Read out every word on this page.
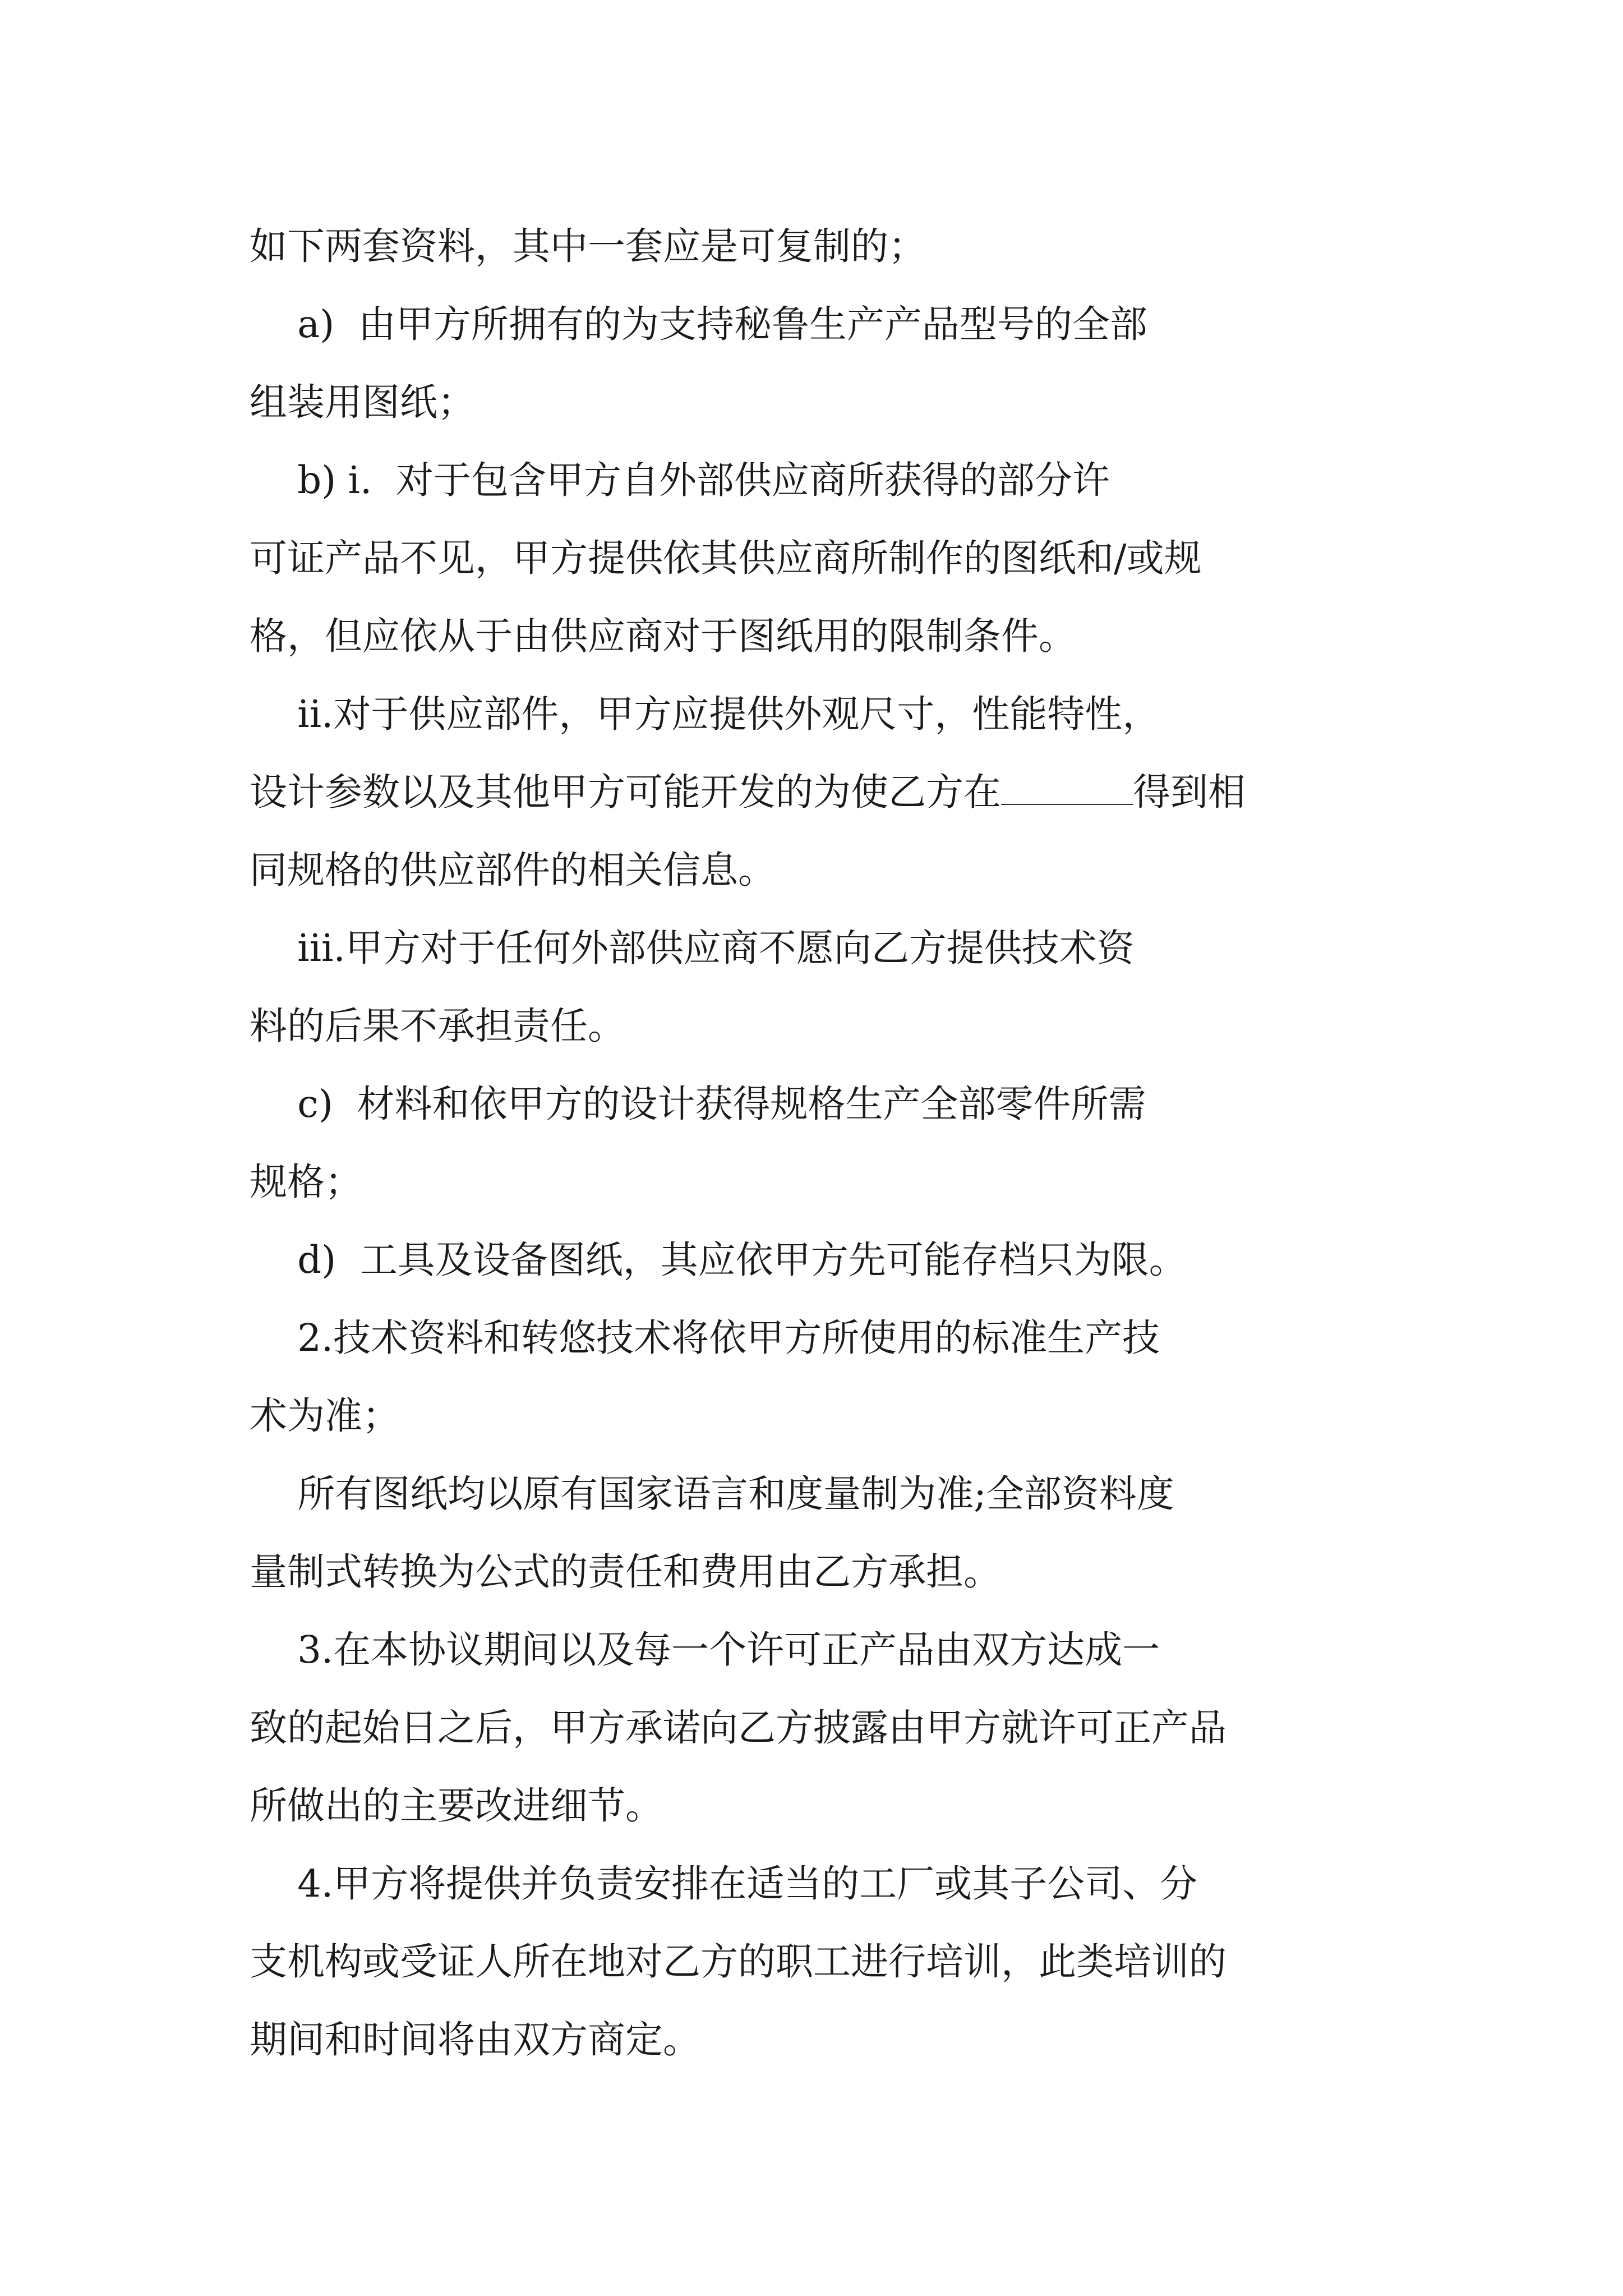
如下两套资料，其中一套应是可复制的；
a)  由甲方所拥有的为支持秘鲁生产产品型号的全部
组装用图纸；
b) i.  对于包含甲方自外部供应商所获得的部分许
可证产品不见，甲方提供依其供应商所制作的图纸和/或规
格，但应依从于由供应商对于图纸用的限制条件。
ii.对于供应部件，甲方应提供外观尺寸，性能特性，
设计参数以及其他甲方可能开发的为使乙方在	得到相
同规格的供应部件的相关信息。
iii.甲方对于任何外部供应商不愿向乙方提供技术资
料的后果不承担责任。
c)  材料和依甲方的设计获得规格生产全部零件所需
规格；
d)  工具及设备图纸，其应依甲方先可能存档只为限。
2.技术资料和转悠技术将依甲方所使用的标准生产技
术为准；
所有图纸均以原有国家语言和度量制为准;全部资料度
量制式转换为公式的责任和费用由乙方承担。
3.在本协议期间以及每一个许可正产品由双方达成一
致的起始日之后，甲方承诺向乙方披露由甲方就许可正产品
所做出的主要改进细节。
4.甲方将提供并负责安排在适当的工厂或其子公司、分
支机构或受证人所在地对乙方的职工进行培训，此类培训的
期间和时间将由双方商定。
